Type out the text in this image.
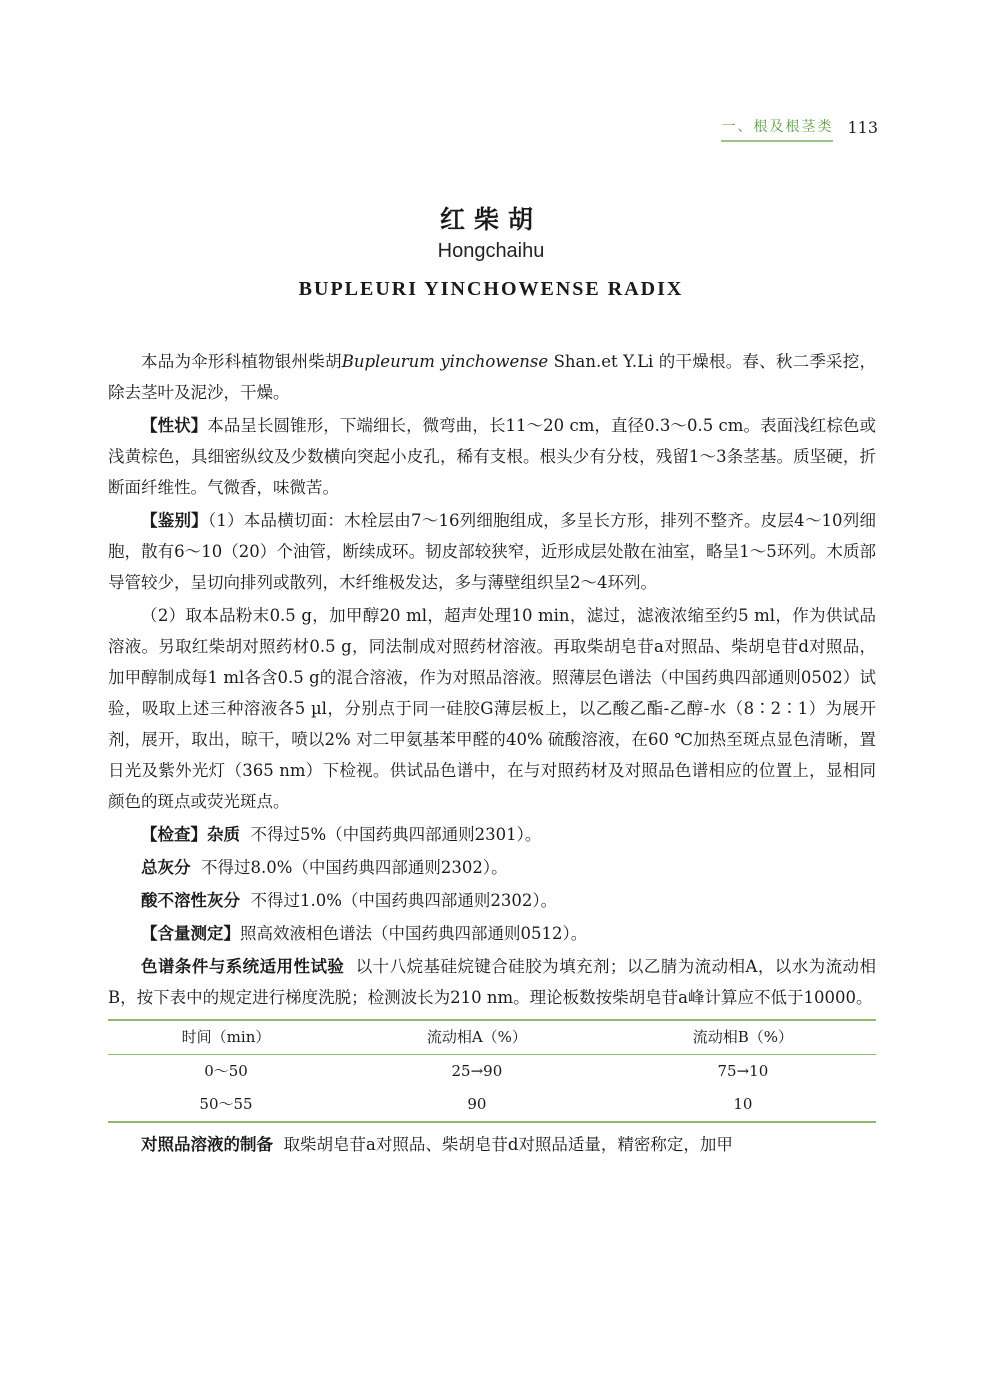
一、根及根茎类 113
红柴胡
Hongchaihu
BUPLEURI YINCHOWENSE RADIX

本品为伞形科植物银州柴胡Bupleurum yinchowense Shan.et Y.Li 的干燥根。春、秋二季采挖，除去茎叶及泥沙，干燥。

【性状】本品呈长圆锥形，下端细长，微弯曲，长11～20 cm，直径0.3～0.5 cm。表面浅红棕色或浅黄棕色，具细密纵纹及少数横向突起小皮孔，稀有支根。根头少有分枝，残留1～3条茎基。质坚硬，折断面纤维性。气微香，味微苦。

【鉴别】（1）本品横切面：木栓层由7～16列细胞组成，多呈长方形，排列不整齐。皮层4～10列细胞，散有6～10（20）个油管，断续成环。韧皮部较狭窄，近形成层处散在油室，略呈1～5环列。木质部导管较少，呈切向排列或散列，木纤维极发达，多与薄壁组织呈2～4环列。

（2）取本品粉末0.5 g，加甲醇20 ml，超声处理10 min，滤过，滤液浓缩至约5 ml，作为供试品溶液。另取红柴胡对照药材0.5 g，同法制成对照药材溶液。再取柴胡皂苷a对照品、柴胡皂苷d对照品，加甲醇制成每1 ml各含0.5 g的混合溶液，作为对照品溶液。照薄层色谱法（中国药典四部通则0502）试验，吸取上述三种溶液各5 µl，分别点于同一硅胶G薄层板上，以乙酸乙酯-乙醇-水（8∶2∶1）为展开剂，展开，取出，晾干，喷以2% 对二甲氨基苯甲醛的40% 硫酸溶液，在60 ℃加热至斑点显色清晰，置日光及紫外光灯（365 nm）下检视。供试品色谱中，在与对照药材及对照品色谱相应的位置上，显相同颜色的斑点或荧光斑点。

【检查】杂质 不得过5%（中国药典四部通则2301）。

总灰分 不得过8.0%（中国药典四部通则2302）。

酸不溶性灰分 不得过1.0%（中国药典四部通则2302）。

【含量测定】照高效液相色谱法（中国药典四部通则0512）。

色谱条件与系统适用性试验 以十八烷基硅烷键合硅胶为填充剂；以乙腈为流动相A，以水为流动相B，按下表中的规定进行梯度洗脱；检测波长为210 nm。理论板数按柴胡皂苷a峰计算应不低于10000。

时间（min）	流动相A（%）	流动相B（%）
0～50	25→90	75→10
50～55	90	10

对照品溶液的制备 取柴胡皂苷a对照品、柴胡皂苷d对照品适量，精密称定，加甲
